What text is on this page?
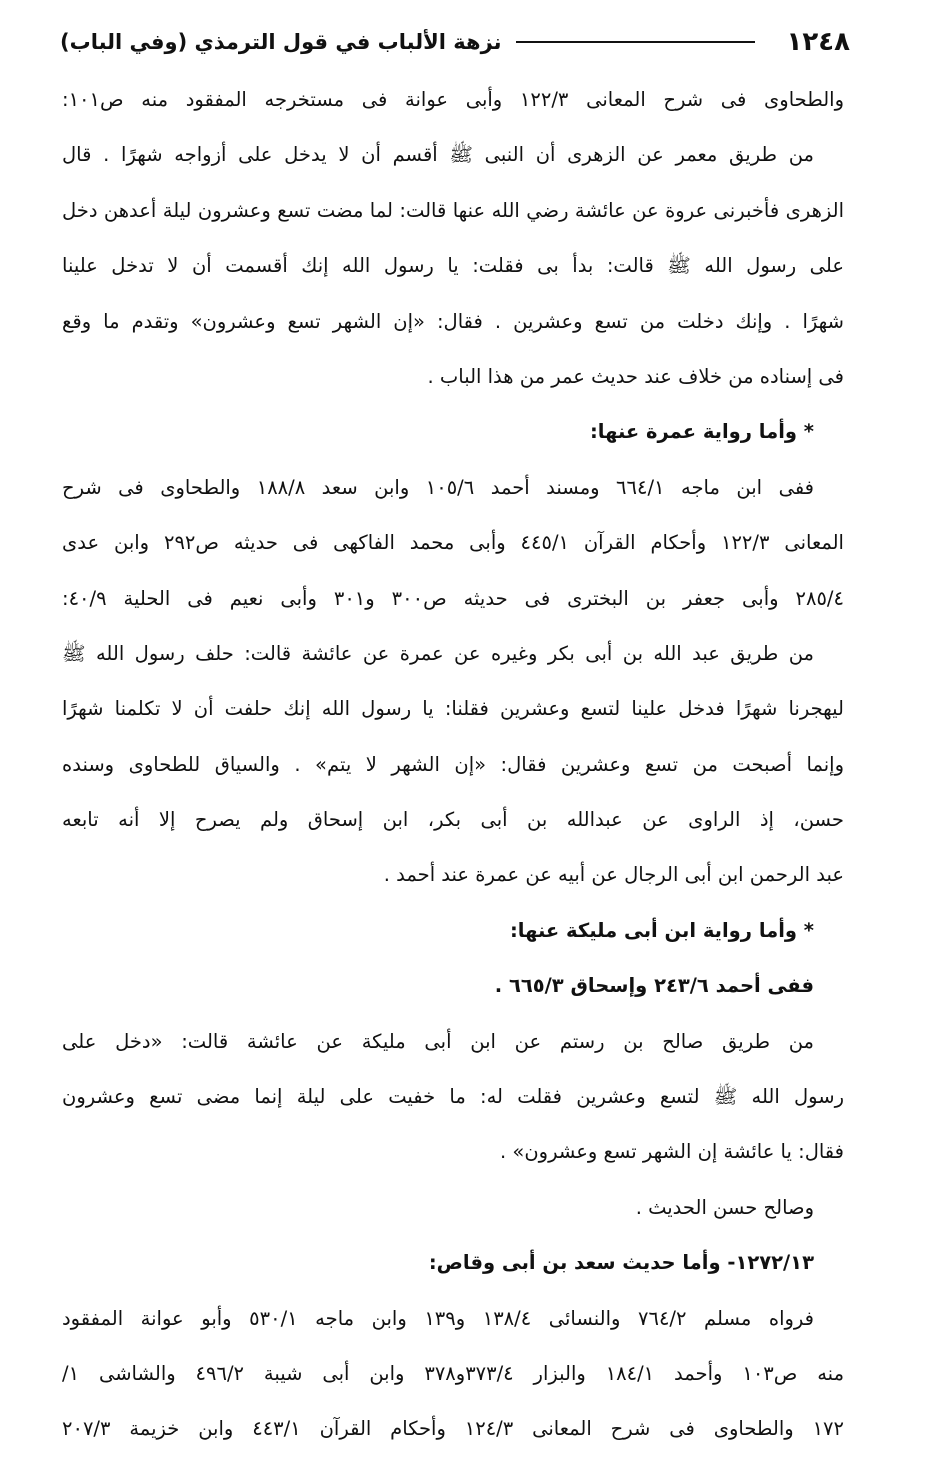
١٢٤٨
نزهة الألباب في قول الترمذي (وفي الباب)
والطحاوى فى شرح المعانى ١٢٢/٣ وأبى عوانة فى مستخرجه المفقود منه ص١٠١:
من طريق معمر عن الزهرى أن النبى ﷺ أقسم أن لا يدخل على أزواجه شهرًا . قال
الزهرى فأخبرنى عروة عن عائشة رضي الله عنها قالت: لما مضت تسع وعشرون ليلة أعدهن دخل
على رسول الله ﷺ قالت: بدأ بى فقلت: يا رسول الله إنك أقسمت أن لا تدخل علينا
شهرًا . وإنك دخلت من تسع وعشرين . فقال: «إن الشهر تسع وعشرون» وتقدم ما وقع
فى إسناده من خلاف عند حديث عمر من هذا الباب .
* وأما رواية عمرة عنها:
ففى ابن ماجه ٦٦٤/١ ومسند أحمد ١٠٥/٦ وابن سعد ١٨٨/٨ والطحاوى فى شرح
المعانى ١٢٢/٣ وأحكام القرآن ٤٤٥/١ وأبى محمد الفاكهى فى حديثه ص٢٩٢ وابن عدى
٢٨٥/٤ وأبى جعفر بن البخترى فى حديثه ص٣٠٠ و٣٠١ وأبى نعيم فى الحلية ٤٠/٩:
من طريق عبد الله بن أبى بكر وغيره عن عمرة عن عائشة قالت: حلف رسول الله ﷺ
ليهجرنا شهرًا فدخل علينا لتسع وعشرين فقلنا: يا رسول الله إنك حلفت أن لا تكلمنا شهرًا
وإنما أصبحت من تسع وعشرين فقال: «إن الشهر لا يتم» . والسياق للطحاوى وسنده
حسن، إذ الراوى عن عبدالله بن أبى بكر، ابن إسحاق ولم يصرح إلا أنه تابعه
عبد الرحمن ابن أبى الرجال عن أبيه عن عمرة عند أحمد .
* وأما رواية ابن أبى مليكة عنها:
ففى أحمد ٢٤٣/٦ وإسحاق ٦٦٥/٣ .
من طريق صالح بن رستم عن ابن أبى مليكة عن عائشة قالت: «دخل على
رسول الله ﷺ لتسع وعشرين فقلت له: ما خفيت على ليلة إنما مضى تسع وعشرون
فقال: يا عائشة إن الشهر تسع وعشرون» .
وصالح حسن الحديث .
١٢٧٢/١٣- وأما حديث سعد بن أبى وقاص:
فرواه مسلم ٧٦٤/٢ والنسائى ١٣٨/٤ و١٣٩ وابن ماجه ٥٣٠/١ وأبو عوانة المفقود
منه ص١٠٣ وأحمد ١٨٤/١ والبزار ٣٧٣/٤و٣٧٨ وابن أبى شيبة ٤٩٦/٢ والشاشى ١/
١٧٢ والطحاوى فى شرح المعانى ١٢٤/٣ وأحكام القرآن ٤٤٣/١ وابن خزيمة ٢٠٧/٣
